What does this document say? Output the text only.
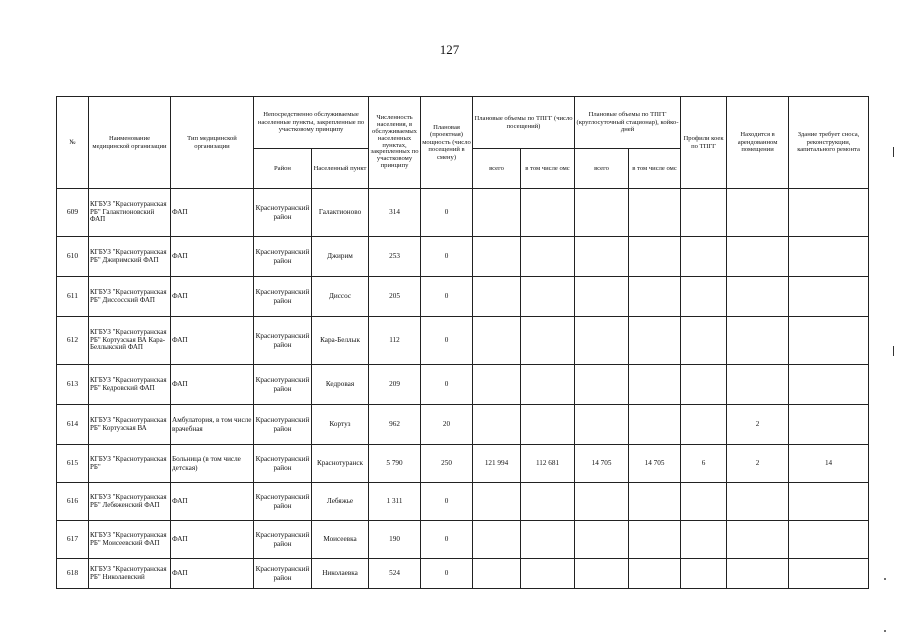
127
№	Наименование медицинской организации	Тип медицинской организации	Непосредственно обслуживаемые населенные пункты, закрепленные по участковому принципу		Численность населения, в обслуживаемых населенных пунктах, закрепленных по участковому принципу	Плановая (проектная) мощность (число посещений в смену)	Плановые объемы по ТПГГ (число посещений)		Плановые объемы по ТПГГ (круглосуточный стационар), койко-дней		Профили коек по ТПГГ	Находится в арендованном помещении	Здание требует сноса, реконструкции, капитального ремонта
			Район	Населенный пункт			всего	в том числе омс	всего	в том числе омс			
609	КГБУЗ "Краснотуранская РБ" Галактионовский ФАП	ФАП	Краснотуранский район	Галактионово	314	0							
610	КГБУЗ "Краснотуранская РБ" Джиримский ФАП	ФАП	Краснотуранский район	Джирим	253	0							
611	КГБУЗ "Краснотуранская РБ" Диссосский ФАП	ФАП	Краснотуранский район	Диссос	205	0							
612	КГБУЗ "Краснотуранская РБ" Кортузская ВА Кара-Беллыкский ФАП	ФАП	Краснотуранский район	Кара-Беллык	112	0							
613	КГБУЗ "Краснотуранская РБ" Кедровский ФАП	ФАП	Краснотуранский район	Кедровая	209	0							
614	КГБУЗ "Краснотуранская РБ" Кортузская ВА	Амбулатория, в том числе врачебная	Краснотуранский район	Кортуз	962	20						2	
615	КГБУЗ "Краснотуранская РБ"	Больница (в том числе детская)	Краснотуранский район	Краснотуранск	5 790	250	121 994	112 681	14 705	14 705	6	2	14
616	КГБУЗ "Краснотуранская РБ" Лебяженский ФАП	ФАП	Краснотуранский район	Лебяжье	1 311	0							
617	КГБУЗ "Краснотуранская РБ" Моисеевский ФАП	ФАП	Краснотуранский район	Моисеевка	190	0							
618	КГБУЗ "Краснотуранская РБ" Николаевский	ФАП	Краснотуранский район	Николаевка	524	0							
